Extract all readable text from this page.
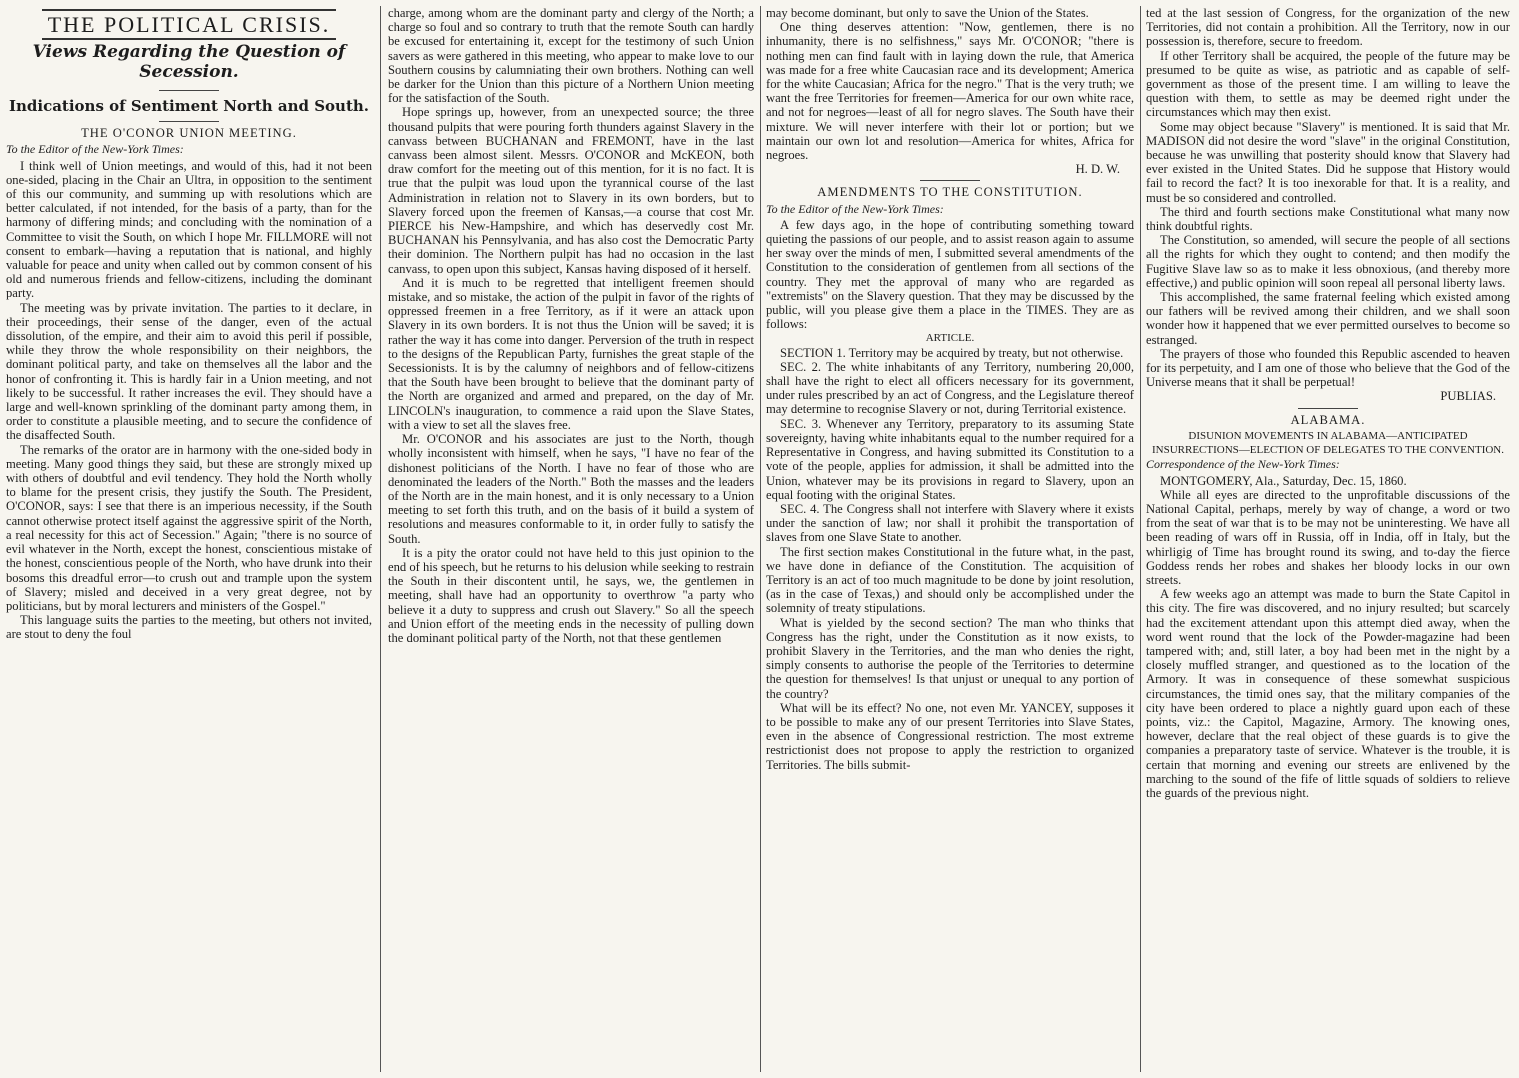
THE POLITICAL CRISIS.
Views Regarding the Question of Secession.
Indications of Sentiment North and South.
THE O'CONOR UNION MEETING.
To the Editor of the New-York Times:

I think well of Union meetings, and would of this, had it not been one-sided, placing in the Chair an Ultra, in opposition to the sentiment of this our community, and summing up with resolutions which are better calculated, if not intended, for the basis of a party, than for the harmony of differing minds; and concluding with the nomination of a Committee to visit the South, on which I hope Mr. FILLMORE will not consent to embark—having a reputation that is national, and highly valuable for peace and unity when called out by common consent of his old and numerous friends and fellow-citizens, including the dominant party.

The meeting was by private invitation. The parties to it declare, in their proceedings, their sense of the danger, even of the actual dissolution, of the empire, and their aim to avoid this peril if possible, while they throw the whole responsibility on their neighbors, the dominant political party, and take on themselves all the labor and the honor of confronting it. This is hardly fair in a Union meeting, and not likely to be successful. It rather increases the evil. They should have a large and well-known sprinkling of the dominant party among them, in order to constitute a plausible meeting, and to secure the confidence of the disaffected South.

The remarks of the orator are in harmony with the one-sided body in meeting. Many good things they said, but these are strongly mixed up with others of doubtful and evil tendency. They hold the North wholly to blame for the present crisis, they justify the South. The President, O'CONOR, says: I see that there is an imperious necessity, if the South cannot otherwise protect itself against the aggressive spirit of the North, a real necessity for this act of Secession." Again; "there is no source of evil whatever in the North, except the honest, conscientious mistake of the honest, conscientious people of the North, who have drunk into their bosoms this dreadful error—to crush out and trample upon the system of Slavery; misled and deceived in a very great degree, not by politicians, but by moral lecturers and ministers of the Gospel."

This language suits the parties to the meeting, but others not invited, are stout to deny the foul

charge, among whom are the dominant party and clergy of the North; a charge so foul and so contrary to truth that the remote South can hardly be excused for entertaining it, except for the testimony of such Union savers as were gathered in this meeting, who appear to make love to our Southern cousins by calumniating their own brothers. Nothing can well be darker for the Union than this picture of a Northern Union meeting for the satisfaction of the South.

Hope springs up, however, from an unexpected source; the three thousand pulpits that were pouring forth thunders against Slavery in the canvass between BUCHANAN and FREMONT, have in the last canvass been almost silent. Messrs. O'CONOR and McKEON, both draw comfort for the meeting out of this mention, for it is no fact. It is true that the pulpit was loud upon the tyrannical course of the last Administration in relation not to Slavery in its own borders, but to Slavery forced upon the freemen of Kansas,—a course that cost Mr. PIERCE his New-Hampshire, and which has deservedly cost Mr. BUCHANAN his Pennsylvania, and has also cost the Democratic Party their dominion. The Northern pulpit has had no occasion in the last canvass, to open upon this subject, Kansas having disposed of it herself.

And it is much to be regretted that intelligent freemen should mistake, and so mistake, the action of the pulpit in favor of the rights of oppressed freemen in a free Territory, as if it were an attack upon Slavery in its own borders. It is not thus the Union will be saved; it is rather the way it has come into danger. Perversion of the truth in respect to the designs of the Republican Party, furnishes the great staple of the Secessionists. It is by the calumny of neighbors and of fellow-citizens that the South have been brought to believe that the dominant party of the North are organized and armed and prepared, on the day of Mr. LINCOLN's inauguration, to commence a raid upon the Slave States, with a view to set all the slaves free.

Mr. O'CONOR and his associates are just to the North, though wholly inconsistent with himself, when he says, "I have no fear of the dishonest politicians of the North. I have no fear of those who are denominated the leaders of the North." Both the masses and the leaders of the North are in the main honest, and it is only necessary to a Union meeting to set forth this truth, and on the basis of it build a system of resolutions and measures conformable to it, in order fully to satisfy the South.

It is a pity the orator could not have held to this just opinion to the end of his speech, but he returns to his delusion while seeking to restrain the South in their discontent until, he says, we, the gentlemen in meeting, shall have had an opportunity to overthrow "a party who believe it a duty to suppress and crush out Slavery." So all the speech and Union effort of the meeting ends in the necessity of pulling down the dominant political party of the North, not that these gentlemen

may become dominant, but only to save the Union of the States.

One thing deserves attention: "Now, gentlemen, there is no inhumanity, there is no selfishness," says Mr. O'CONOR; "there is nothing men can find fault with in laying down the rule, that America was made for a free white Caucasian race and its development; America for the white Caucasian; Africa for the negro." That is the very truth; we want the free Territories for freemen—America for our own white race, and not for negroes—least of all for negro slaves. The South have their mixture. We will never interfere with their lot or portion; but we maintain our own lot and resolution—America for whites, Africa for negroes.

H. D. W.
AMENDMENTS TO THE CONSTITUTION.
To the Editor of the New-York Times:

A few days ago, in the hope of contributing something toward quieting the passions of our people, and to assist reason again to assume her sway over the minds of men, I submitted several amendments of the Constitution to the consideration of gentlemen from all sections of the country. They met the approval of many who are regarded as "extremists" on the Slavery question. That they may be discussed by the public, will you please give them a place in the TIMES. They are as follows:

ARTICLE.

SECTION 1. Territory may be acquired by treaty, but not otherwise.

SEC. 2. The white inhabitants of any Territory, numbering 20,000, shall have the right to elect all officers necessary for its government, under rules prescribed by an act of Congress, and the Legislature thereof may determine to recognise Slavery or not, during Territorial existence.

SEC. 3. Whenever any Territory, preparatory to its assuming State sovereignty, having white inhabitants equal to the number required for a Representative in Congress, and having submitted its Constitution to a vote of the people, applies for admission, it shall be admitted into the Union, whatever may be its provisions in regard to Slavery, upon an equal footing with the original States.

SEC. 4. The Congress shall not interfere with Slavery where it exists under the sanction of law; nor shall it prohibit the transportation of slaves from one Slave State to another.

The first section makes Constitutional in the future what, in the past, we have done in defiance of the Constitution. The acquisition of Territory is an act of too much magnitude to be done by joint resolution, (as in the case of Texas,) and should only be accomplished under the solemnity of treaty stipulations.

What is yielded by the second section? The man who thinks that Congress has the right, under the Constitution as it now exists, to prohibit Slavery in the Territories, and the man who denies the right, simply consents to authorise the people of the Territories to determine the question for themselves! Is that unjust or unequal to any portion of the country?

What will be its effect? No one, not even Mr. YANCEY, supposes it to be possible to make any of our present Territories into Slave States, even in the absence of Congressional restriction. The most extreme restrictionist does not propose to apply the restriction to organized Territories. The bills submit-

ted at the last session of Congress, for the organization of the new Territories, did not contain a prohibition. All the Territory, now in our possession is, therefore, secure to freedom.

If other Territory shall be acquired, the people of the future may be presumed to be quite as wise, as patriotic and as capable of self-government as those of the present time. I am willing to leave the question with them, to settle as may be deemed right under the circumstances which may then exist.

Some may object because "Slavery" is mentioned. It is said that Mr. MADISON did not desire the word "slave" in the original Constitution, because he was unwilling that posterity should know that Slavery had ever existed in the United States. Did he suppose that History would fail to record the fact? It is too inexorable for that. It is a reality, and must be so considered and controlled.

The third and fourth sections make Constitutional what many now think doubtful rights.

The Constitution, so amended, will secure the people of all sections all the rights for which they ought to contend; and then modify the Fugitive Slave law so as to make it less obnoxious, (and thereby more effective,) and public opinion will soon repeal all personal liberty laws.

This accomplished, the same fraternal feeling which existed among our fathers will be revived among their children, and we shall soon wonder how it happened that we ever permitted ourselves to become so estranged.

The prayers of those who founded this Republic ascended to heaven for its perpetuity, and I am one of those who believe that the God of the Universe means that it shall be perpetual!

PUBLIAS.
ALABAMA.
DISUNION MOVEMENTS IN ALABAMA—ANTICIPATED INSURRECTIONS—ELECTION OF DELEGATES TO THE CONVENTION.
Correspondence of the New-York Times:

MONTGOMERY, Ala., Saturday, Dec. 15, 1860.

While all eyes are directed to the unprofitable discussions of the National Capital, perhaps, merely by way of change, a word or two from the seat of war that is to be may not be uninteresting. We have all been reading of wars off in Russia, off in India, off in Italy, but the whirligig of Time has brought round its swing, and to-day the fierce Goddess rends her robes and shakes her bloody locks in our own streets.

A few weeks ago an attempt was made to burn the State Capitol in this city. The fire was discovered, and no injury resulted; but scarcely had the excitement attendant upon this attempt died away, when the word went round that the lock of the Powder-magazine had been tampered with; and, still later, a boy had been met in the night by a closely muffled stranger, and questioned as to the location of the Armory. It was in consequence of these somewhat suspicious circumstances, the timid ones say, that the military companies of the city have been ordered to place a nightly guard upon each of these points, viz.: the Capitol, Magazine, Armory. The knowing ones, however, declare that the real object of these guards is to give the companies a preparatory taste of service. Whatever is the trouble, it is certain that morning and evening our streets are enlivened by the marching to the sound of the fife of little squads of soldiers to relieve the guards of the previous night.
